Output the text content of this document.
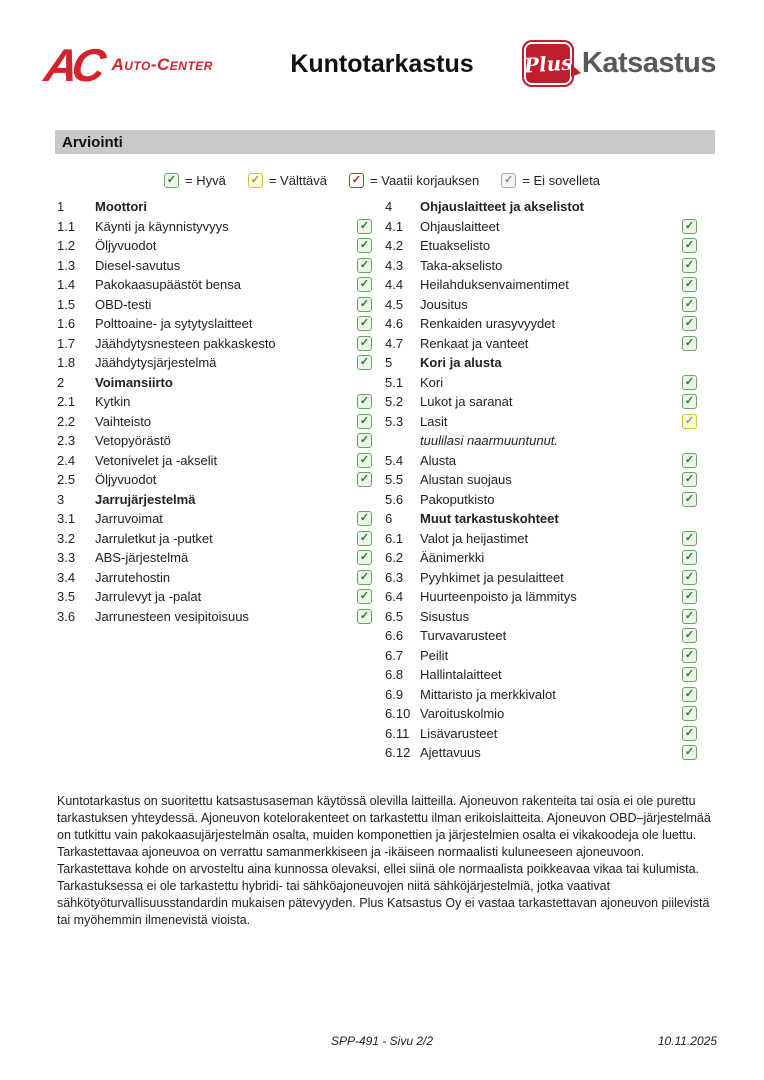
AC Auto-Center	Kuntotarkastus	Plus Katsastus
Arviointi
✓ = Hyvä ✓ = Välttävä ✓ = Vaatii korjauksen ✓ = Ei sovelleta
1	Moottori
1.1	Käynti ja käynnistyvyys	✓
1.2	Öljyvuodot	✓
1.3	Diesel-savutus	✓
1.4	Pakokaasupäästöt bensa	✓
1.5	OBD-testi	✓
1.6	Polttoaine- ja sytytyslaitteet	✓
1.7	Jäähdytysnesteen pakkaskesto	✓
1.8	Jäähdytysjärjestelmä	✓
2	Voimansiirto
2.1	Kytkin	✓
2.2	Vaihteisto	✓
2.3	Vetopyörästö	✓
2.4	Vetonivelet ja -akselit	✓
2.5	Öljyvuodot	✓
3	Jarrujärjestelmä
3.1	Jarruvoimat	✓
3.2	Jarruletkut ja -putket	✓
3.3	ABS-järjestelmä	✓
3.4	Jarrutehostin	✓
3.5	Jarrulevyt ja -palat	✓
3.6	Jarrunesteen vesipitoisuus	✓
4	Ohjauslaitteet ja akselistot
4.1	Ohjauslaitteet	✓
4.2	Etuakselisto	✓
4.3	Taka-akselisto	✓
4.4	Heilahduksenvaimentimet	✓
4.5	Jousitus	✓
4.6	Renkaiden urasyvyydet	✓
4.7	Renkaat ja vanteet	✓
5	Kori ja alusta
5.1	Kori	✓
5.2	Lukot ja saranat	✓
5.3	Lasit	✓
tuulilasi naarmuuntunut.
5.4	Alusta	✓
5.5	Alustan suojaus	✓
5.6	Pakoputkisto	✓
6	Muut tarkastuskohteet
6.1	Valot ja heijastimet	✓
6.2	Äänimerkki	✓
6.3	Pyyhkimet ja pesulaitteet	✓
6.4	Huurteenpoisto ja lämmitys	✓
6.5	Sisustus	✓
6.6	Turvavarusteet	✓
6.7	Peilit	✓
6.8	Hallintalaitteet	✓
6.9	Mittaristo ja merkkivalot	✓
6.10 Varoituskolmio	✓
6.11 Lisävarusteet	✓
6.12 Ajettavuus	✓
Kuntotarkastus on suoritettu katsastusaseman käytössä olevilla laitteilla. Ajoneuvon rakenteita tai osia ei ole purettu tarkastuksen yhteydessä. Ajoneuvon kotelorakenteet on tarkastettu ilman erikoislaitteita. Ajoneuvon OBD–järjestelmää on tutkittu vain pakokaasujärjestelmän osalta, muiden komponettien ja järjestelmien osalta ei vikakoodeja ole luettu. Tarkastettavaa ajoneuvoa on verrattu samanmerkkiseen ja -ikäiseen normaalisti kuluneeseen ajoneuvoon. Tarkastettava kohde on arvosteltu aina kunnossa olevaksi, ellei siinä ole normaalista poikkeavaa vikaa tai kulumista. Tarkastuksessa ei ole tarkastettu hybridi- tai sähköajoneuvojen niitä sähköjärjestelmiä, jotka vaativat sähkötyöturvallisuusstandardin mukaisen pätevyyden. Plus Katsastus Oy ei vastaa tarkastettavan ajoneuvon piilevistä tai myöhemmin ilmenevistä vioista.
SPP-491 - Sivu 2/2	10.11.2025
